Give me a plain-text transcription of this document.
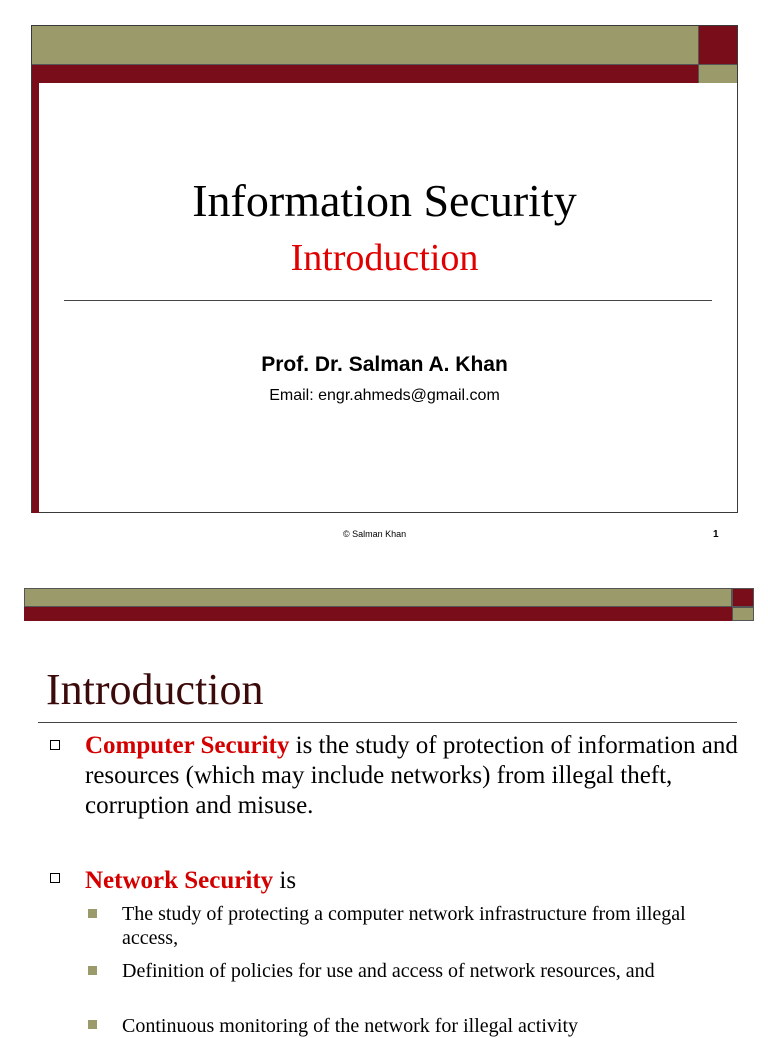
Information Security
Introduction
Prof. Dr. Salman A. Khan
Email: engr.ahmeds@gmail.com
© Salman Khan	1
Introduction
Computer Security is the study of protection of information and resources (which may include networks) from illegal theft, corruption and misuse.
Network Security is
The study of protecting a computer network infrastructure from illegal access,
Definition of policies for use and access of network resources, and
Continuous monitoring of the network for illegal activity
